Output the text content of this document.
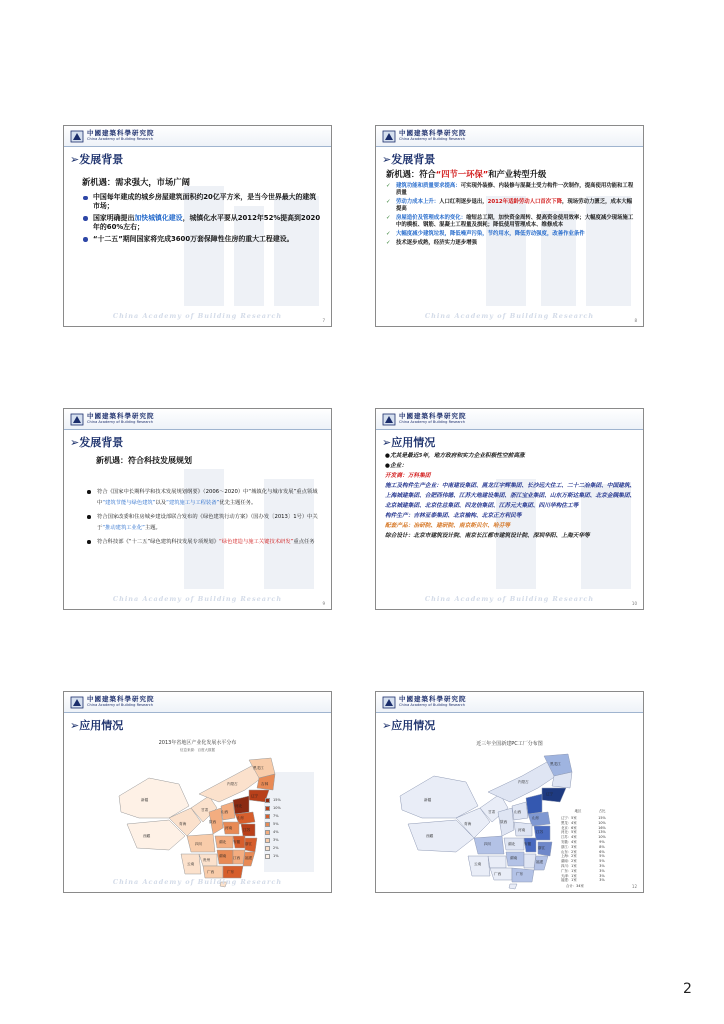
中國建築科學研究院
China Academy of Building Research
➢发展背景
新机遇：需求强大，市场广阔
中国每年建成的城乡房屋建筑面积约20亿平方米，是当今世界最大的建筑市场；
国家明确提出加快城镇化建设，城镇化水平要从2012年52%提高到2020年的60%左右；
“十二五”期间国家将完成3600万套保障性住房的重大工程建设。
China Academy of Building Research
7
中國建築科學研究院
China Academy of Building Research
➢发展背景
新机遇：符合“四节一环保”和产业转型升级
✓ 建筑功能和质量要求提高：可实现外装修、内装修与混凝土受力构件一次制作，提高使用功能和工程质量
✓ 劳动力成本上升：人口红利逐步退出，2012年适龄劳动人口首次下降，现场劳动力匮乏，成本大幅提高
✓ 房屋造价及管理成本的变化：缩短总工期，加快资金周转、提高资金使用效率；大幅度减少现场施工中的模板、钢筋、混凝土工程量及损耗；降低使用管理成本、维修成本
✓ 大幅度减少建筑垃圾，降低噪声污染，节约用水，降低劳动强度，改善作业条件
✓ 技术逐步成熟，经济实力逐步增强
China Academy of Building Research
8
中國建築科學研究院
China Academy of Building Research
➢发展背景
新机遇：符合科技发展规划
符合《国家中长期科学和技术发展规划纲要》（2006～2020）中“城镇化与城市发展”重点领域中“建筑节能与绿色建筑”以及“建筑施工与工程装备”优先主题任务。
符合国家改委和住房城乡建设部联合发布的《绿色建筑行动方案》（国办发〔2013〕1号）中关于“推动建筑工业化”主题。
符合科技部《“十二五”绿色建筑科技发展专项规划》“绿色建造与施工关键技术研发”重点任务
China Academy of Building Research
9
中國建築科學研究院
China Academy of Building Research
➢应用情况
●尤其是最近5年，地方政府和实力企业积极性空前高涨
●企业：
开发商：万科集团
施工及构件生产企业：中南建设集团、黑龙江宇辉集团、长沙远大住工、二十二冶集团、中国建筑、上海城建集团、合肥西伟德、江苏大地建设集团、浙江宝业集团、山东万斯达集团、北京金隅集团、北京城建集团、北京住总集团、四龙信集团、江苏元大集团、四川华构住工等
构件生产：吉林亚泰集团、北京榆构、北京正方利民等
配套产品：冶研院、建研院、南京斯贝尔、哈芬等
综合设计：北京市建筑设计院、南京长江都市建筑设计院、深圳华阳、上海天华等
China Academy of Building Research
10
中國建築科學研究院
China Academy of Building Research
➢应用情况
2013年省地区产业化发展水平分布
信息来源：百度大数据
新疆
西藏
青海
甘肃
内蒙古
四川
云南
贵州
广西	广东
湖南
湖北
河南
陕西
山西
河北
山东
江苏
浙江
福建
江西
安徽
黑龙江
吉林
辽宁
15%
10%
7%
5%
4%
3%
2%
1%
China Academy of Building Research
中國建築科學研究院
China Academy of Building Research
➢应用情况
近三年全国新建PC工厂分布图
新疆
西藏
青海
甘肃
内蒙古
四川
云南
广东
广西
湖南
湖北
河南
陕西
山西
山东
江苏
浙江
安徽
福建
黑龙江
辽宁
地区	占比
辽宁：5家	15%
黑龙：4家	10%
北京：6家	16%
河北：5家	13%
江苏：4家	10%
安徽：4家	9%
浙江：3家	8%
山东：2家	6%
上海：2家	5%
湖南：2家	5%
四川：1家	3%
广东：1家	3%
天津：1家	3%
福建：1家	3%
合计：34家	12
2
